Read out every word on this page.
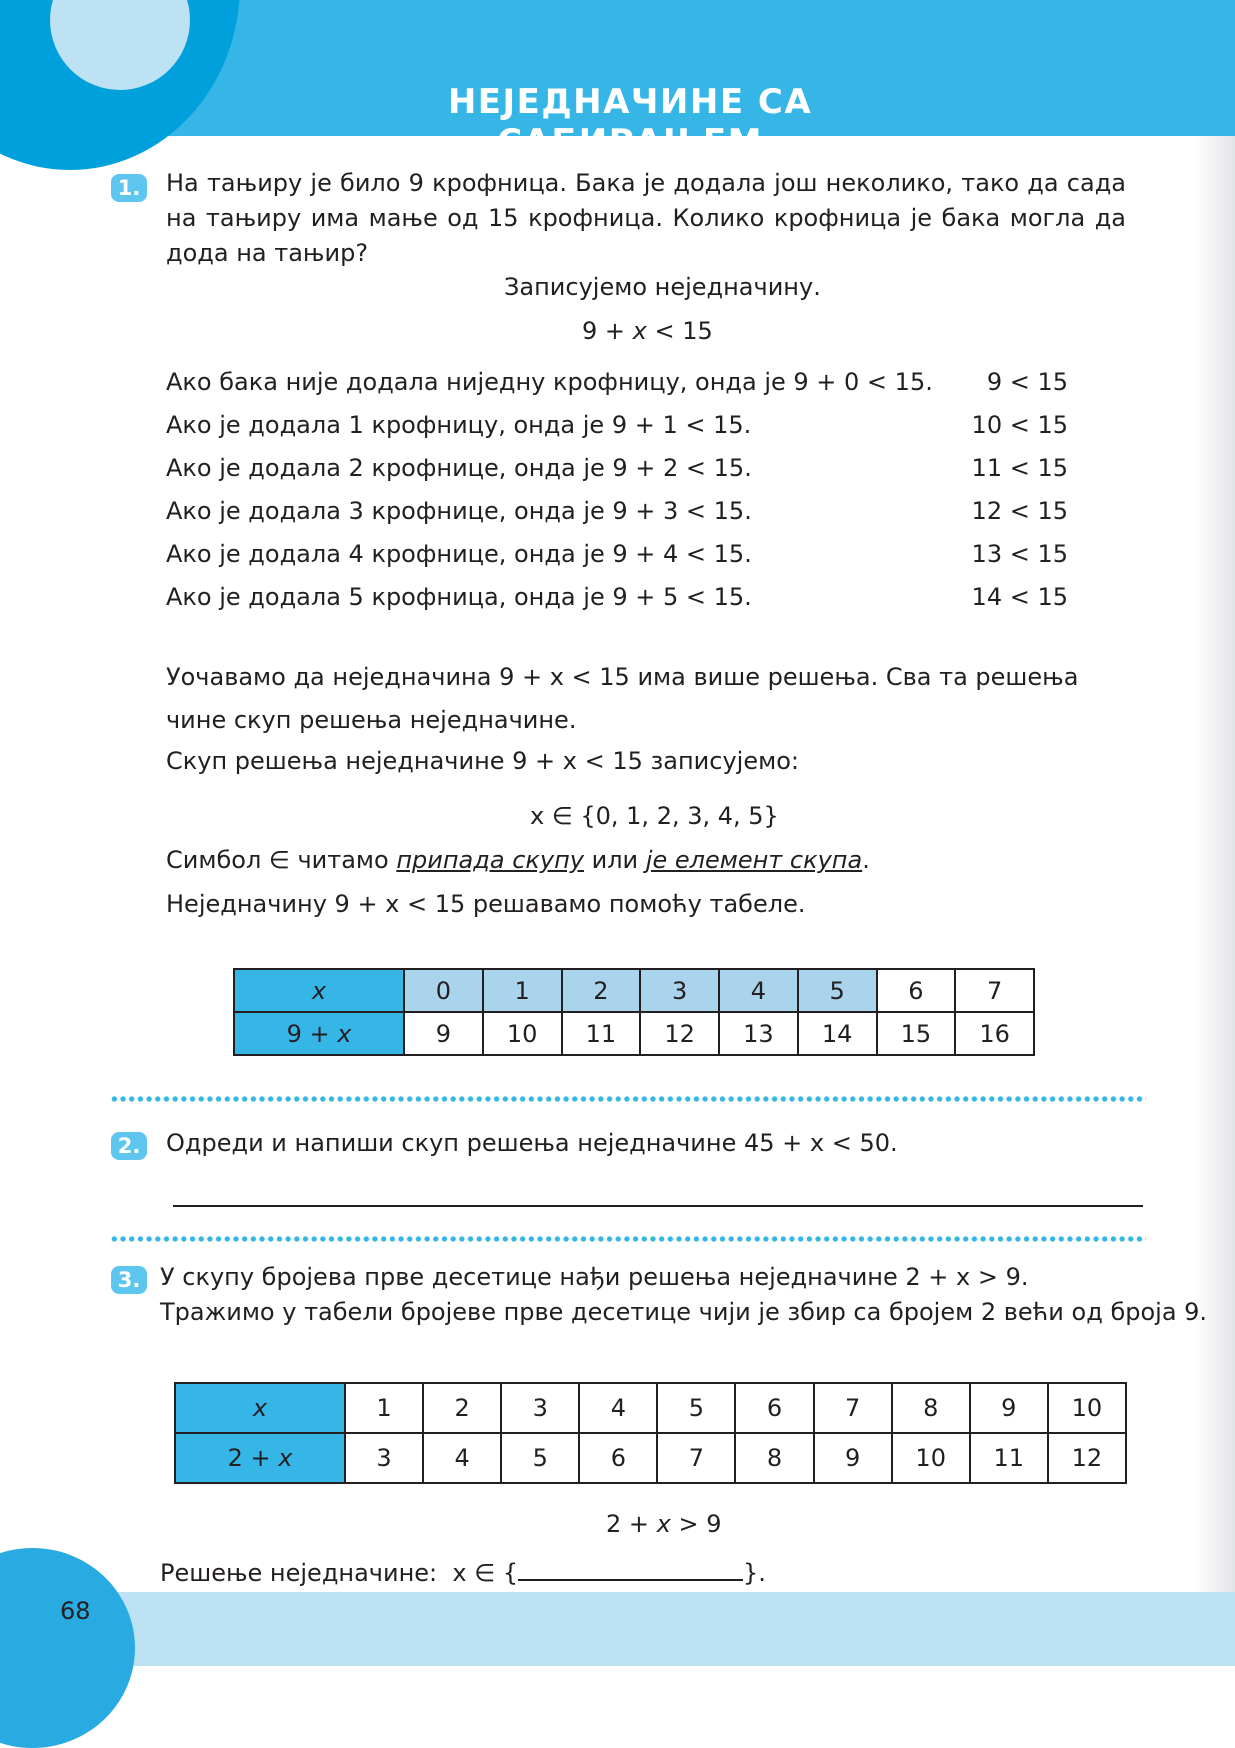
НЕЈЕДНАЧИНЕ СА САБИРАЊЕМ
1. На тањиру је било 9 крофница. Бака је додала још неколико, тако да сада на тањиру има мање од 15 крофница. Колико крофница је бака могла да дода на тањир?
Записујемо неједначину.
9 + x < 15
Ако бака није додала ниједну крофницу, онда је 9 + 0 < 15.	9 < 15
Ако је додала 1 крофницу, онда је 9 + 1 < 15.	10 < 15
Ако је додала 2 крофнице, онда је 9 + 2 < 15.	11 < 15
Ако је додала 3 крофнице, онда је 9 + 3 < 15.	12 < 15
Ако је додала 4 крофнице, онда је 9 + 4 < 15.	13 < 15
Ако је додала 5 крофница, онда је 9 + 5 < 15.	14 < 15
Уочавамо да неједначина 9 + x < 15 има више решења. Сва та решења чине скуп решења неједначине.
Скуп решења неједначине 9 + x < 15 записујемо:
x ∈ {0, 1, 2, 3, 4, 5}
Симбол ∈ читамо припада скупу или је елемент скупа.
Неједначину 9 + x < 15 решавамо помоћу табеле.
x	0	1	2	3	4	5	6	7
9 + x	9	10	11	12	13	14	15	16
2. Одреди и напиши скуп решења неједначине 45 + x < 50.
3. У скупу бројева прве десетице нађи решења неједначине 2 + x > 9.
Тражимо у табели бројеве прве десетице чији је збир са бројем 2 већи од броја 9.
x	1	2	3	4	5	6	7	8	9	10
2 + x	3	4	5	6	7	8	9	10	11	12
2 + x > 9
Решење неједначине: x ∈ {	}.
68
